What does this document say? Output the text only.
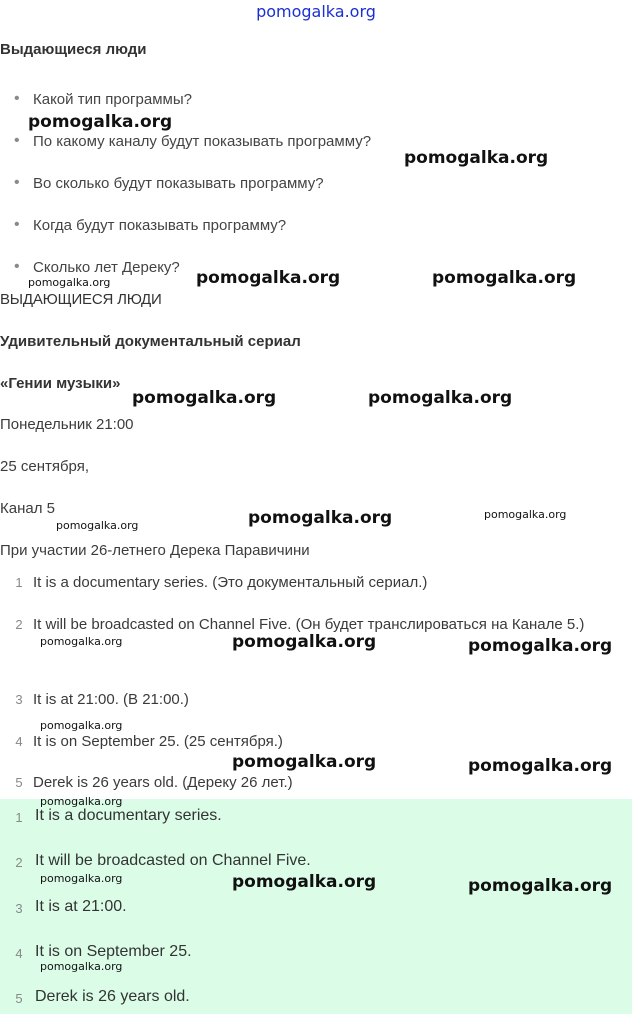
pomogalka.org
Выдающиеся люди
• Какой тип программы?
• По какому каналу будут показывать программу?
• Во сколько будут показывать программу?
• Когда будут показывать программу?
• Сколько лет Дереку?
ВЫДАЮЩИЕСЯ ЛЮДИ
Удивительный документальный сериал
«Гении музыки»
Понедельник 21:00
25 сентября,
Канал 5
При участии 26-летнего Дерека Паравичини
1 It is a documentary series. (Это документальный сериал.)
2 It will be broadcasted on Channel Five. (Он будет транслироваться на Канале 5.)
3 It is at 21:00. (В 21:00.)
4 It is on September 25. (25 сентября.)
5 Derek is 26 years old. (Дереку 26 лет.)
1 It is a documentary series.
2 It will be broadcasted on Channel Five.
3 It is at 21:00.
4 It is on September 25.
5 Derek is 26 years old.
pomogalka.org
pomogalka.org
pomogalka.org	pomogalka.org	pomogalka.org
pomogalka.org	pomogalka.org
pomogalka.org	pomogalka.org	pomogalka.org
pomogalka.org	pomogalka.org	pomogalka.org
pomogalka.org
pomogalka.org	pomogalka.org
pomogalka.org
pomogalka.org	pomogalka.org	pomogalka.org
pomogalka.org
